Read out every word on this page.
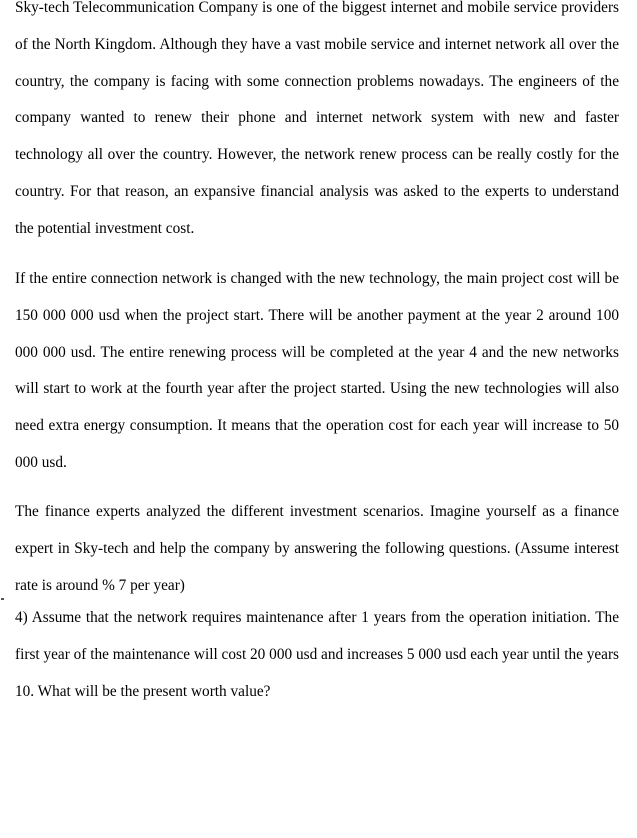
Sky-tech Telecommunication Company is one of the biggest internet and mobile service providers of the North Kingdom. Although they have a vast mobile service and internet network all over the country, the company is facing with some connection problems nowadays. The engineers of the company wanted to renew their phone and internet network system with new and faster technology all over the country. However, the network renew process can be really costly for the country. For that reason, an expansive financial analysis was asked to the experts to understand the potential investment cost.

If the entire connection network is changed with the new technology, the main project cost will be 150 000 000 usd when the project start. There will be another payment at the year 2 around 100 000 000 usd. The entire renewing process will be completed at the year 4 and the new networks will start to work at the fourth year after the project started. Using the new technologies will also need extra energy consumption. It means that the operation cost for each year will increase to 50 000 usd.

The finance experts analyzed the different investment scenarios. Imagine yourself as a finance expert in Sky-tech and help the company by answering the following questions. (Assume interest rate is around % 7 per year)

4) Assume that the network requires maintenance after 1 years from the operation initiation. The first year of the maintenance will cost 20 000 usd and increases 5 000 usd each year until the years 10. What will be the present worth value?
